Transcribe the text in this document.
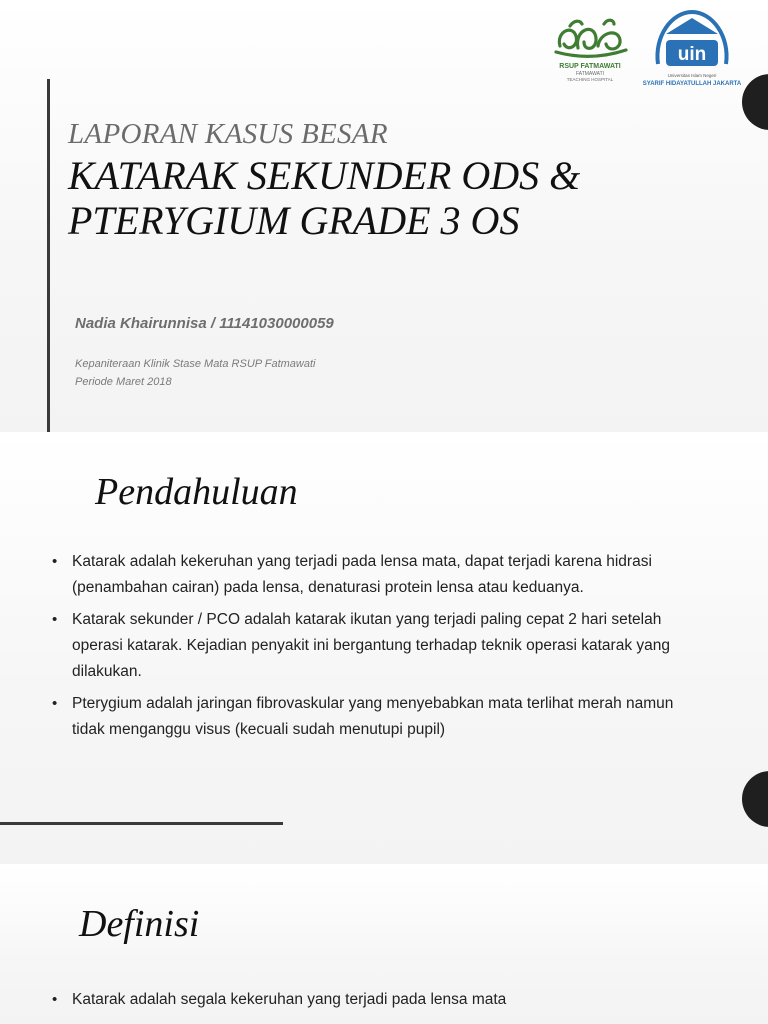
RSUP FATMAWATI
FATMAWATI
TEACHING HOSPITAL
uin
Universitas Islam Negeri
SYARIF HIDAYATULLAH JAKARTA
LAPORAN KASUS BESAR
KATARAK SEKUNDER ODS &
PTERYGIUM GRADE 3 OS
Nadia Khairunnisa / 11141030000059
Kepaniteraan Klinik Stase Mata RSUP Fatmawati
Periode Maret 2018
Pendahuluan
• Katarak adalah kekeruhan yang terjadi pada lensa mata, dapat terjadi karena hidrasi (penambahan cairan) pada lensa, denaturasi protein lensa atau keduanya.
• Katarak sekunder / PCO adalah katarak ikutan yang terjadi paling cepat 2 hari setelah operasi katarak. Kejadian penyakit ini bergantung terhadap teknik operasi katarak yang dilakukan.
• Pterygium adalah jaringan fibrovaskular yang menyebabkan mata terlihat merah namun tidak menganggu visus (kecuali sudah menutupi pupil)
Definisi
• Katarak adalah segala kekeruhan yang terjadi pada lensa mata
